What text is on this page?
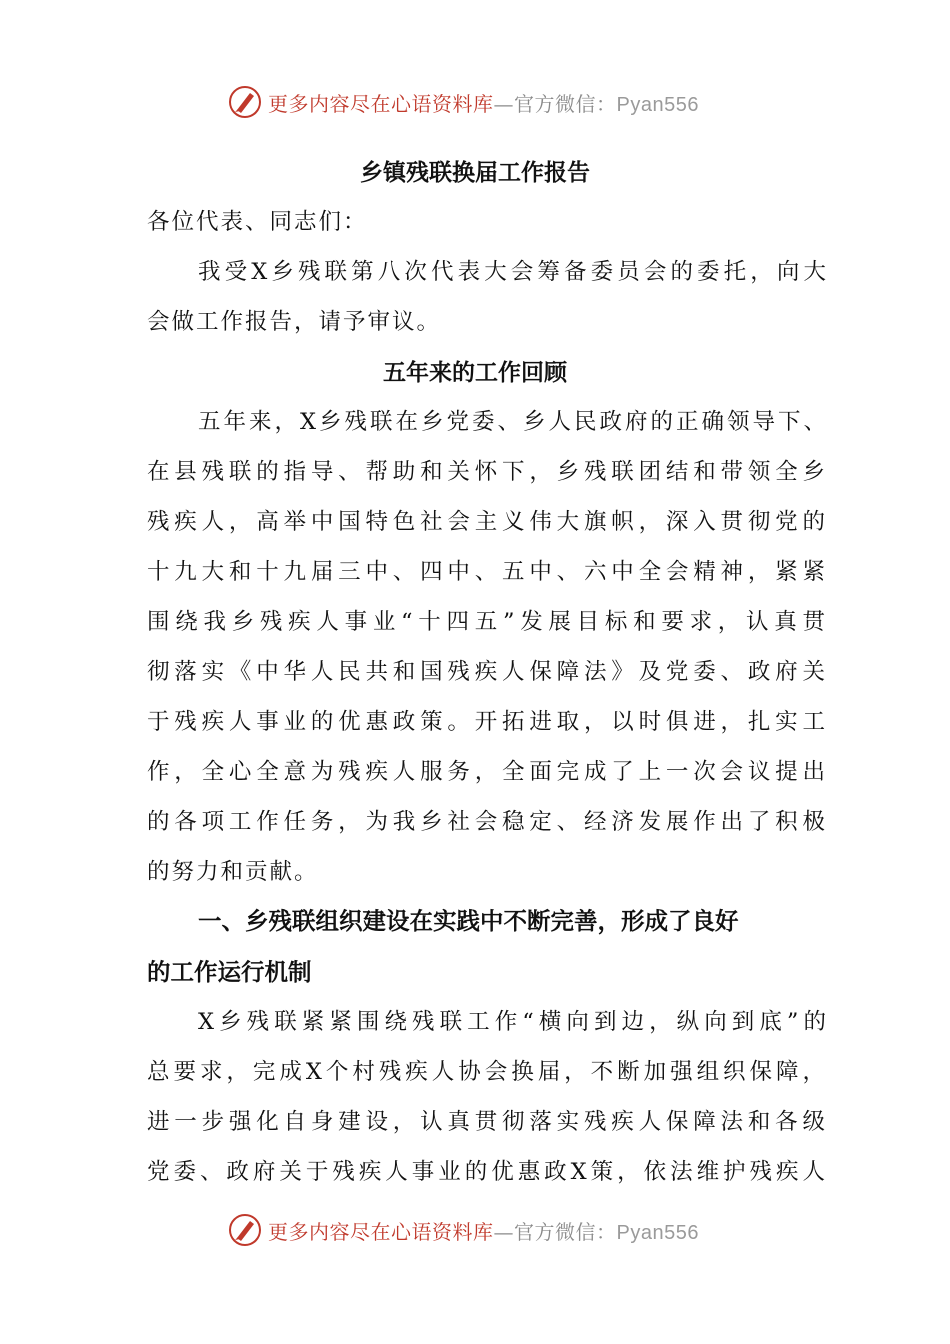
更多内容尽在心语资料库—官方微信：Pyan556
乡镇残联换届工作报告
各位代表、同志们：
我受X乡残联第八次代表大会筹备委员会的委托，向大
会做工作报告，请予审议。
五年来的工作回顾
五年来，X乡残联在乡党委、乡人民政府的正确领导下、
在县残联的指导、帮助和关怀下，乡残联团结和带领全乡
残疾人，高举中国特色社会主义伟大旗帜，深入贯彻党的
十九大和十九届三中、四中、五中、六中全会精神，紧紧
围绕我乡残疾人事业“十四五”发展目标和要求，认真贯
彻落实《中华人民共和国残疾人保障法》及党委、政府关
于残疾人事业的优惠政策。开拓进取，以时俱进，扎实工
作，全心全意为残疾人服务，全面完成了上一次会议提出
的各项工作任务，为我乡社会稳定、经济发展作出了积极
的努力和贡献。
一、乡残联组织建设在实践中不断完善，形成了良好
的工作运行机制
X乡残联紧紧围绕残联工作“横向到边，纵向到底”的
总要求，完成X个村残疾人协会换届，不断加强组织保障，
进一步强化自身建设，认真贯彻落实残疾人保障法和各级
党委、政府关于残疾人事业的优惠政X策，依法维护残疾人
更多内容尽在心语资料库—官方微信：Pyan556
